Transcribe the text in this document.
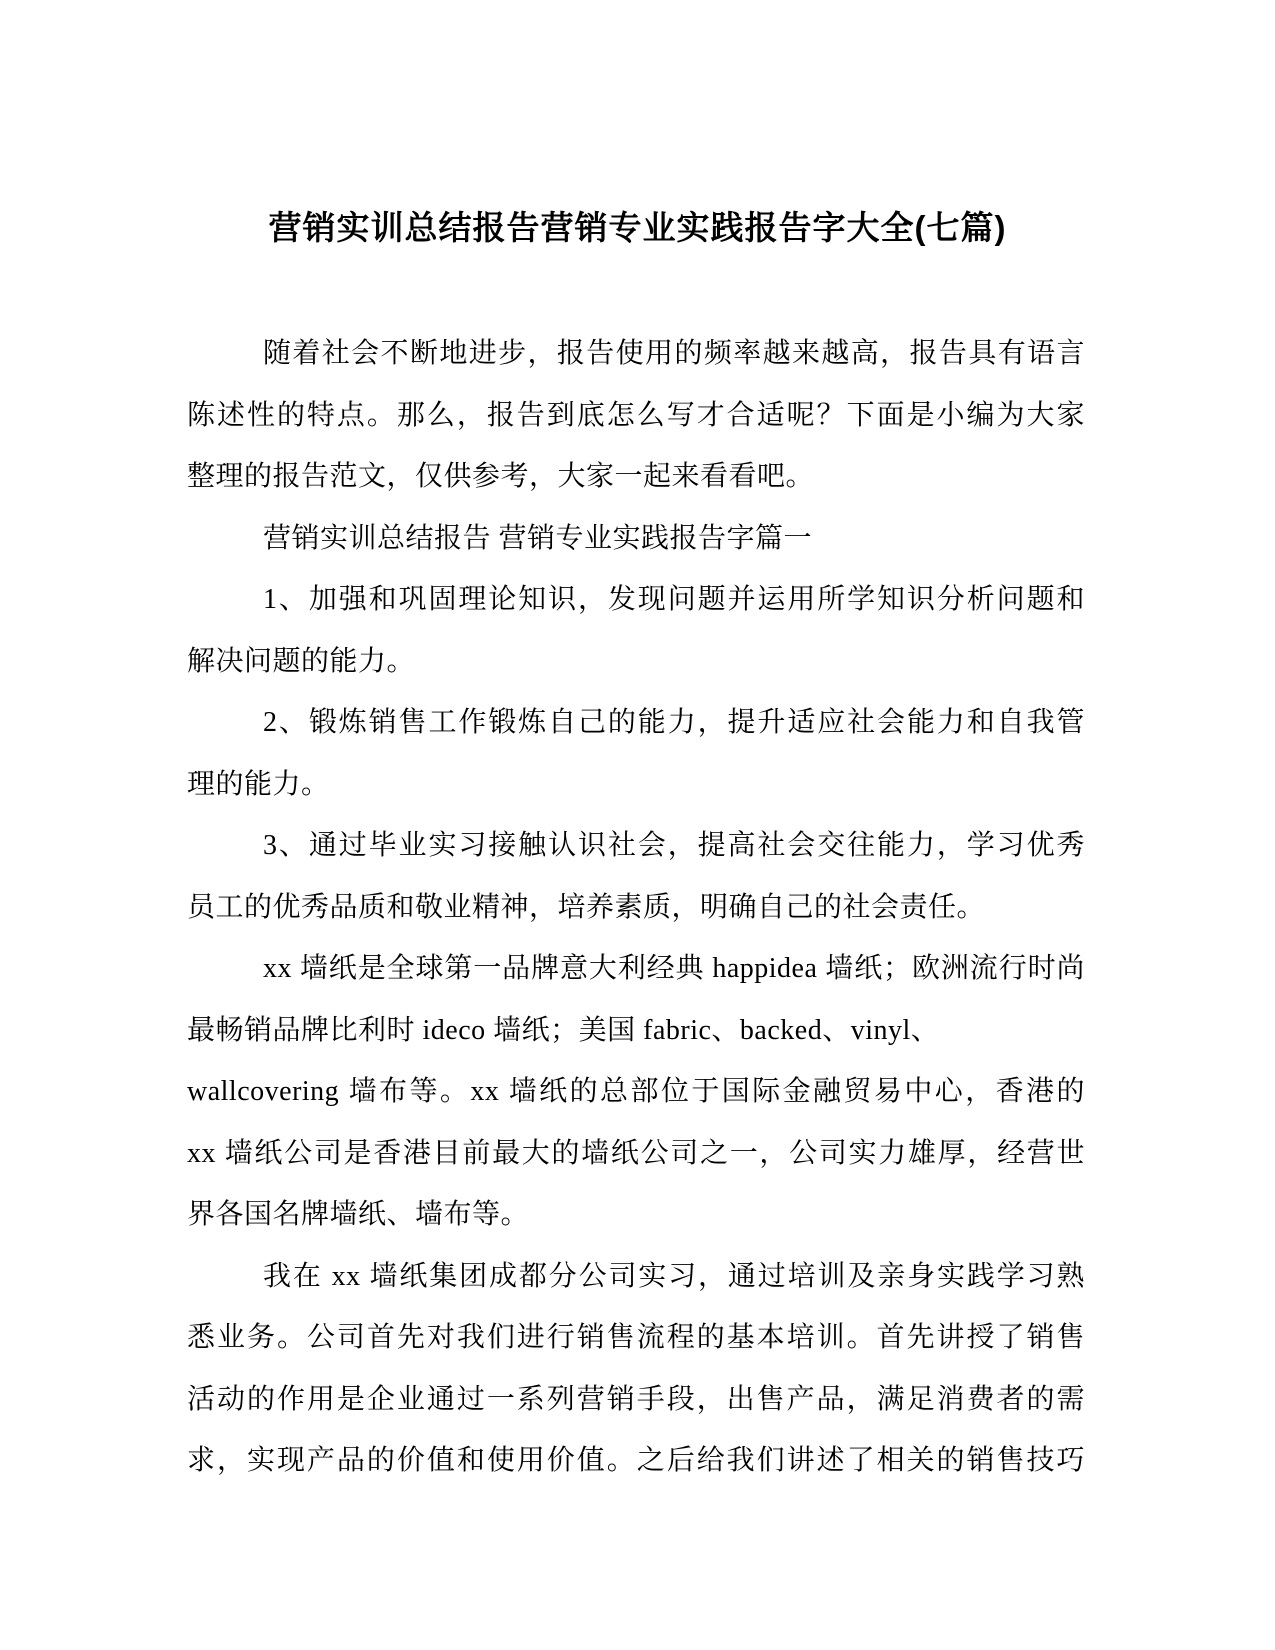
营销实训总结报告营销专业实践报告字大全(七篇)
随着社会不断地进步，报告使用的频率越来越高，报告具有语言
陈述性的特点。那么，报告到底怎么写才合适呢？下面是小编为大家
整理的报告范文，仅供参考，大家一起来看看吧。
营销实训总结报告 营销专业实践报告字篇一
1、加强和巩固理论知识，发现问题并运用所学知识分析问题和
解决问题的能力。
2、锻炼销售工作锻炼自己的能力，提升适应社会能力和自我管
理的能力。
3、通过毕业实习接触认识社会，提高社会交往能力，学习优秀
员工的优秀品质和敬业精神，培养素质，明确自己的社会责任。
xx 墙纸是全球第一品牌意大利经典 happidea 墙纸；欧洲流行时尚
最畅销品牌比利时 ideco 墙纸；美国 fabric、backed、vinyl、
wallcovering 墙布等。xx 墙纸的总部位于国际金融贸易中心，香港的
xx 墙纸公司是香港目前最大的墙纸公司之一，公司实力雄厚，经营世
界各国名牌墙纸、墙布等。
我在 xx 墙纸集团成都分公司实习，通过培训及亲身实践学习熟
悉业务。公司首先对我们进行销售流程的基本培训。首先讲授了销售
活动的作用是企业通过一系列营销手段，出售产品，满足消费者的需
求，实现产品的价值和使用价值。之后给我们讲述了相关的销售技巧
